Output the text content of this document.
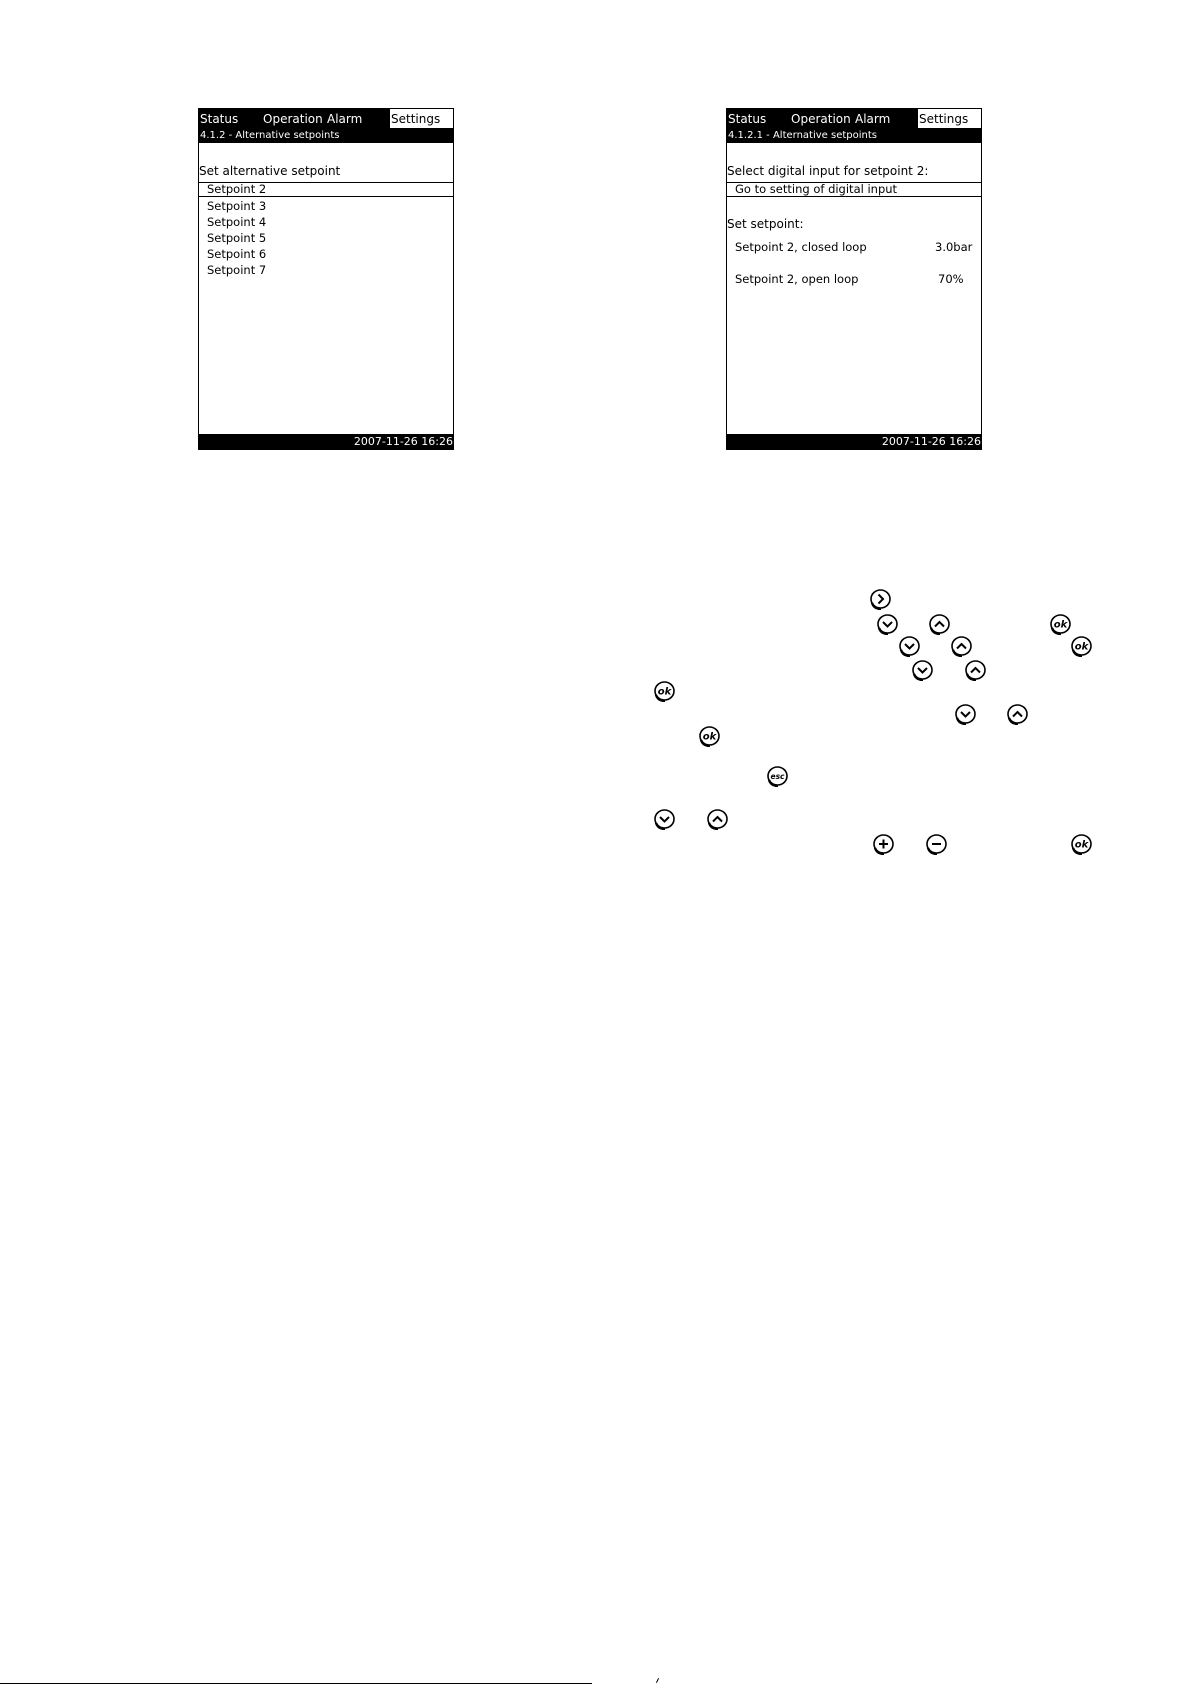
Status Operation Alarm Settings
4.1.2 - Alternative setpoints
Set alternative setpoint
Setpoint 2
Setpoint 3
Setpoint 4
Setpoint 5
Setpoint 6
Setpoint 7
2007-11-26 16:26
Status Operation Alarm Settings
4.1.2.1 - Alternative setpoints
Select digital input for setpoint 2:
Go to setting of digital input
Set setpoint:
Setpoint 2, closed loop	3.0bar
Setpoint 2, open loop	70%
2007-11-26 16:26
ok
ok
ok
ok
esc
ok
